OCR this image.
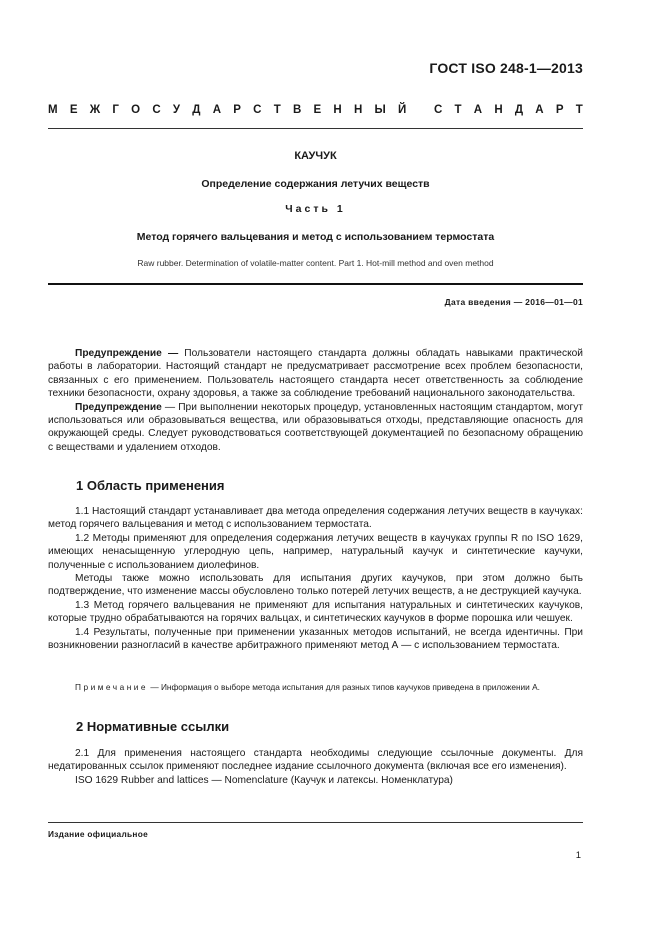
ГОСТ ISO 248-1—2013
М Е Ж Г О С У Д А Р С Т В Е Н Н Ы Й
С Т А Н Д А Р Т
КАУЧУК
Определение содержания летучих веществ
Часть 1
Метод горячего вальцевания и метод с использованием термостата
Raw rubber. Determination of volatile-matter content. Part 1. Hot-mill method and oven method
Дата введения — 2016—01—01

Предупреждение — Пользователи настоящего стандарта должны обладать навыками практической работы в лаборатории. Настоящий стандарт не предусматривает рассмотрение всех проблем безопасности, связанных с его применением. Пользователь настоящего стандарта несет ответственность за соблюдение техники безопасности, охрану здоровья, а также за соблюдение требований национального законодательства.

Предупреждение — При выполнении некоторых процедур, установленных настоящим стандартом, могут использоваться или образовываться вещества, или образовываться отходы, представляющие опасность для окружающей среды. Следует руководствоваться соответствующей документацией по безопасному обращению с веществами и удалением отходов.

1 Область применения

1.1 Настоящий стандарт устанавливает два метода определения содержания летучих веществ в каучуках: метод горячего вальцевания и метод с использованием термостата.

1.2 Методы применяют для определения содержания летучих веществ в каучуках группы R по ISO 1629, имеющих ненасыщенную углеродную цепь, например, натуральный каучук и синтетические каучуки, полученные с использованием диолефинов.

Методы также можно использовать для испытания других каучуков, при этом должно быть подтверждение, что изменение массы обусловлено только потерей летучих веществ, а не деструкцией каучука.

1.3 Метод горячего вальцевания не применяют для испытания натуральных и синтетических каучуков, которые трудно обрабатываются на горячих вальцах, и синтетических каучуков в форме порошка или чешуек.

1.4 Результаты, полученные при применении указанных методов испытаний, не всегда идентичны. При возникновении разногласий в качестве арбитражного применяют метод А — с использованием термостата.

Примечание — Информация о выборе метода испытания для разных типов каучуков приведена в приложении А.

2 Нормативные ссылки

2.1 Для применения настоящего стандарта необходимы следующие ссылочные документы. Для недатированных ссылок применяют последнее издание ссылочного документа (включая все его изменения).

ISO 1629 Rubber and lattices — Nomenclature (Каучук и латексы. Номенклатура)

Издание официальное
1
